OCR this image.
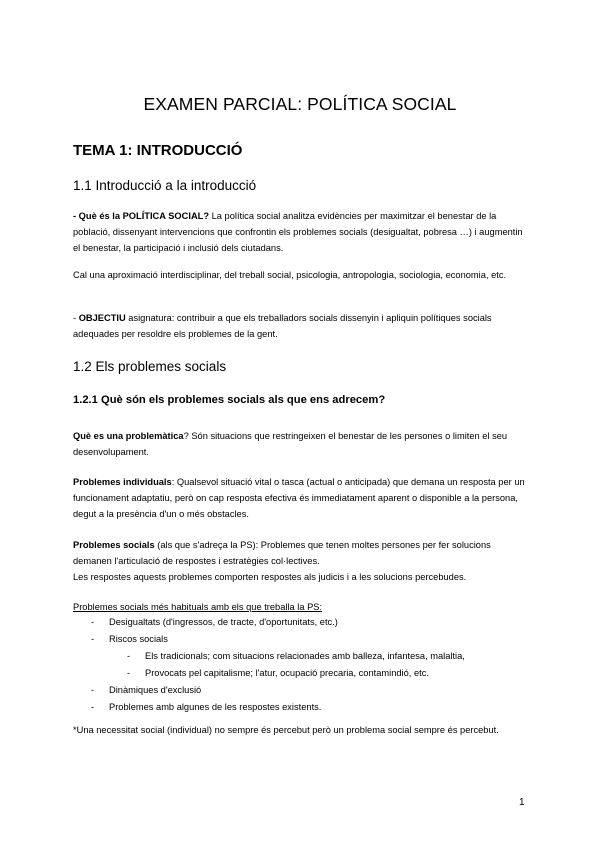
EXAMEN PARCIAL: POLÍTICA SOCIAL
TEMA 1: INTRODUCCIÓ
1.1 Introducció a la introducció
- Què és la POLÍTICA SOCIAL? La política social analitza evidències per maximitzar el benestar de la població, dissenyant intervencions que confrontin els problemes socials (desigualtat, pobresa …) i augmentin el benestar, la participació i inclusió dels ciutadans.
Cal una aproximació interdisciplinar, del treball social, psicologia, antropologia, sociologia, economia, etc.
- OBJECTIU asignatura: contribuir a que els treballadors socials dissenyin i apliquin polítiques socials adequades per resoldre els problemes de la gent.
1.2 Els problemes socials
1.2.1 Què són els problemes socials als que ens adrecem?
Què es una problemàtica? Són situacions que restringeixen el benestar de les persones o limiten el seu desenvolupament.
Problemes individuals: Qualsevol situació vital o tasca (actual o anticipada) que demana un resposta per un funcionament adaptatiu, però on cap resposta efectiva és immediatament aparent o disponible a la persona, degut a la presència d'un o més obstacles.
Problemes socials (als que s'adreça la PS): Problemes que tenen moltes persones per fer solucions demanen l'articulació de respostes i estratègies col·lectives.
Les respostes aquests problemes comporten respostes als judicis i a les solucions percebudes.
Problemes socials més habituals amb els que treballa la PS:
- Desigualtats (d'ingressos, de tracte, d'oportunitats, etc.)
- Riscos socials
- Els tradicionals; com situacions relacionades amb balleza, infantesa, malaltia,
- Provocats pel capitalisme; l'atur, ocupació precaria, contamindió, etc.
- Dinàmiques d'exclusió
- Problemes amb algunes de les respostes existents.
*Una necessitat social (individual) no sempre és percebut però un problema social sempre és percebut.
1
